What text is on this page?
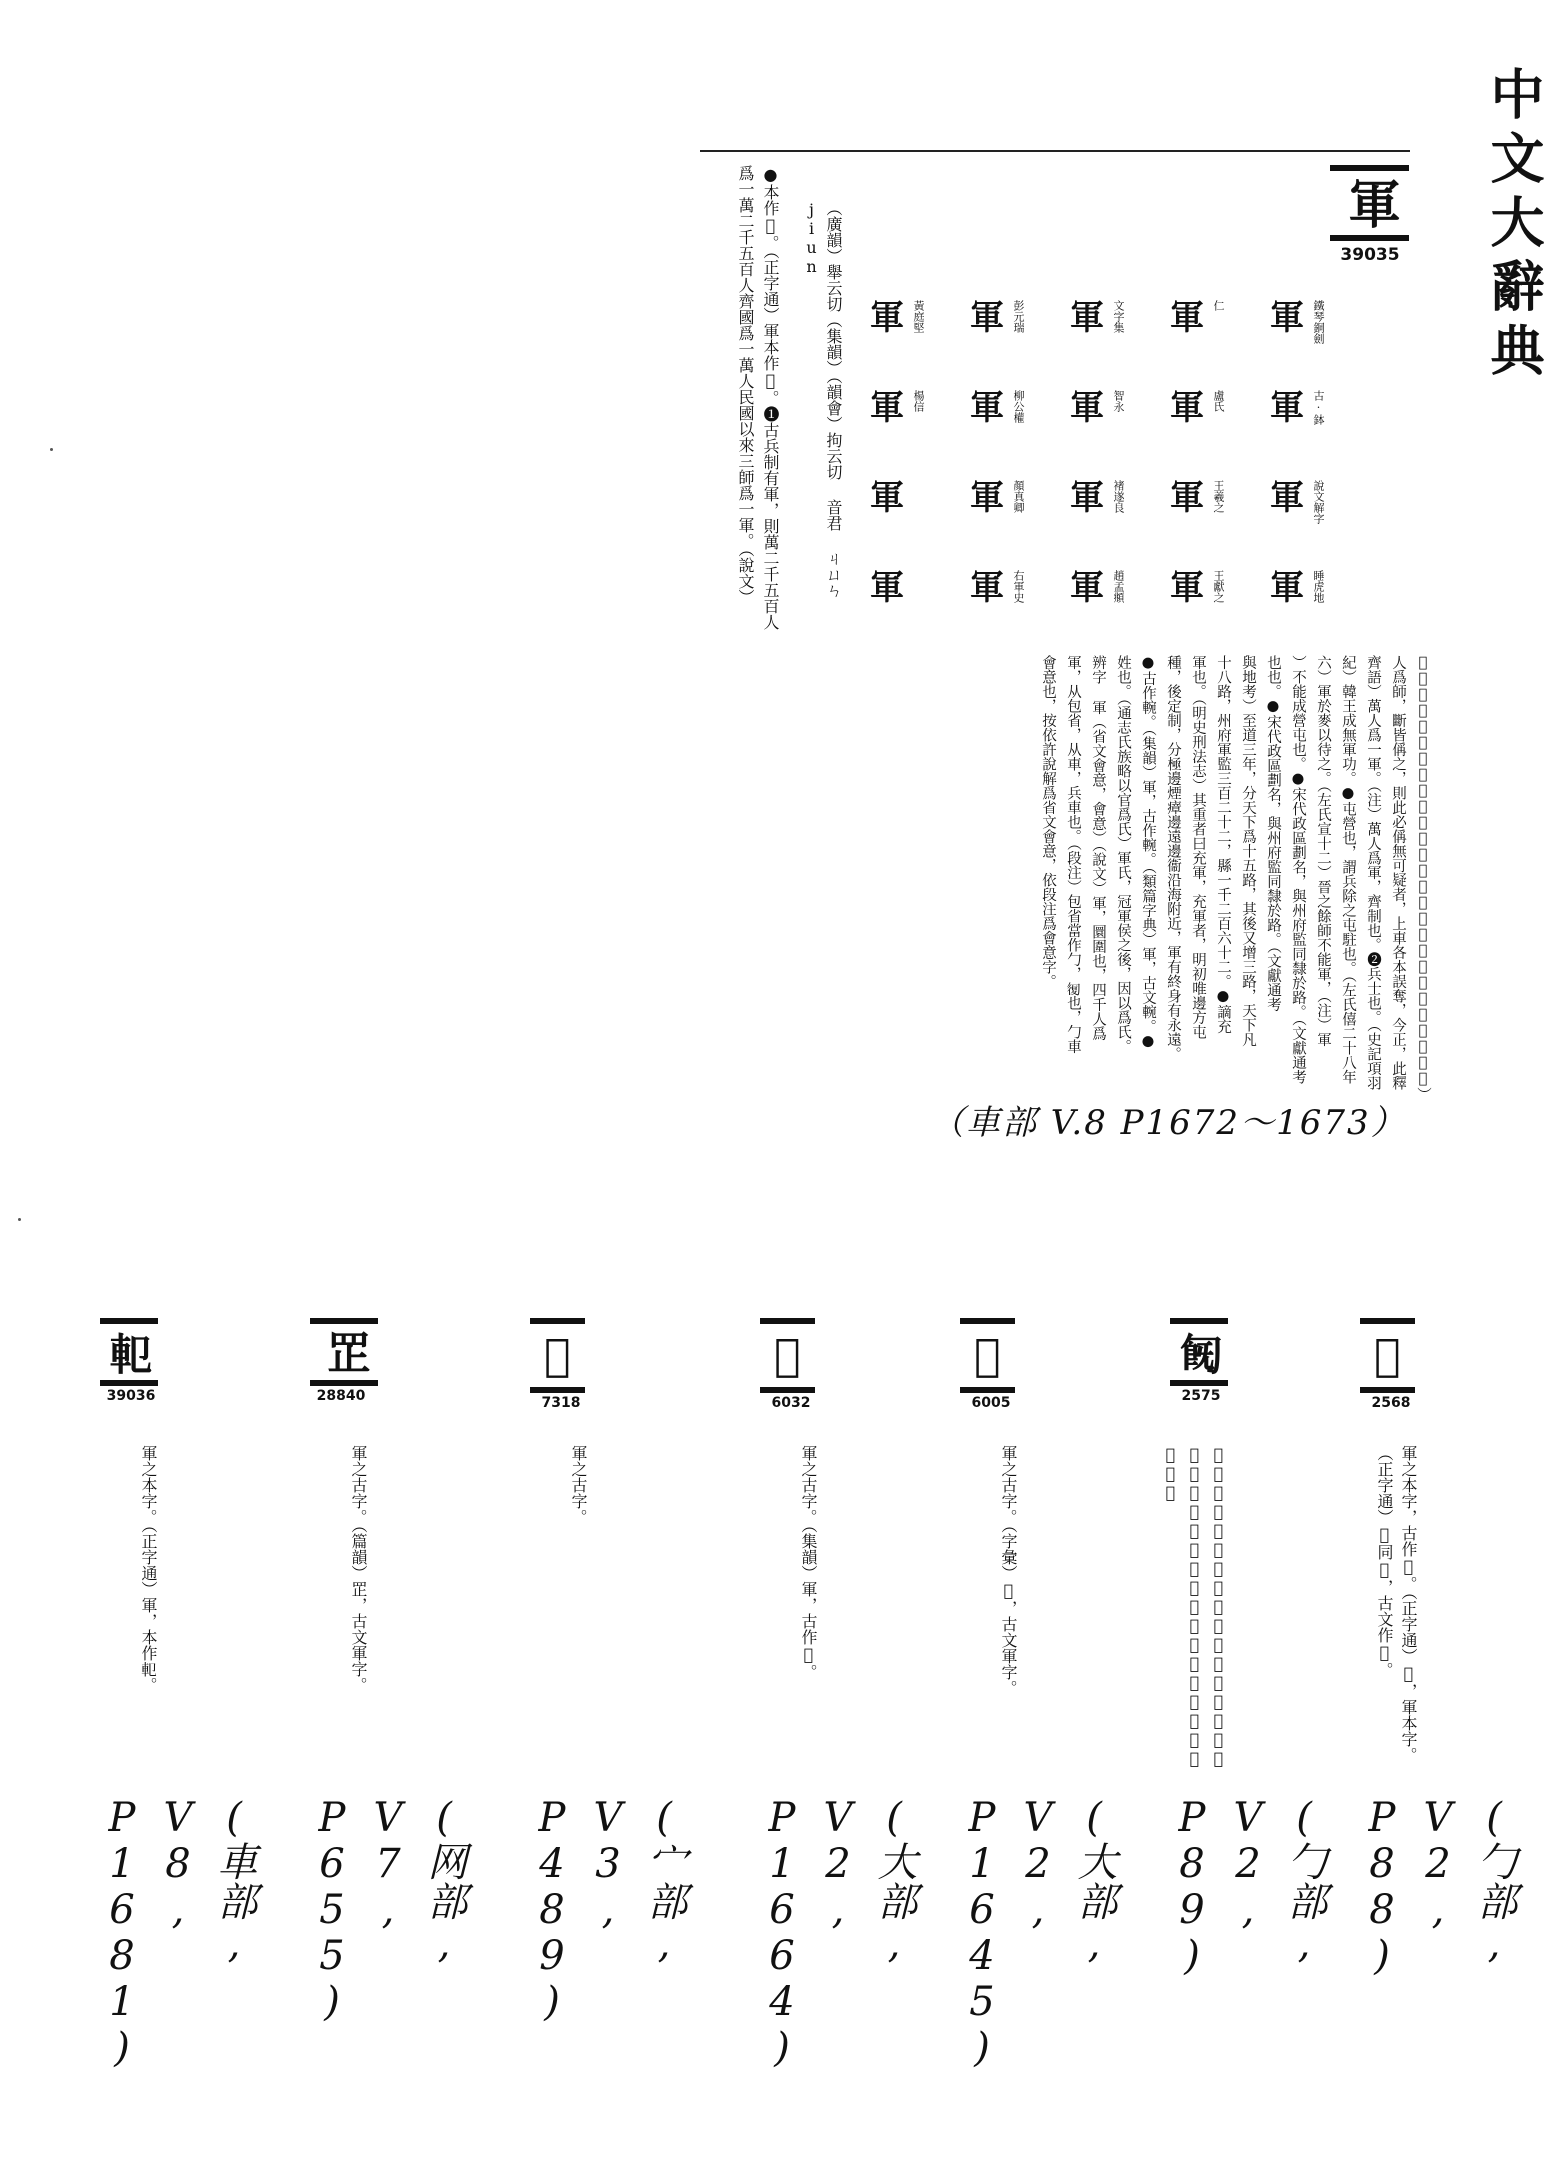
中文大辭典
軍
39035
軍 鐵琴銅劍
軍 古·鉢
軍 說文解字
軍 睡虎地
軍 仁
軍 盧氏
軍 王羲之
軍 王獻之
軍 文字集
軍 智永
軍 褚遂良
軍 趙孟頫
軍 彭元瑞
軍 柳公權
軍 顏真卿
軍 右軍史
軍 黃庭堅
軍 楊信
軍
軍
（廣韻）舉云切（集韻）（韻會）拘云切 音君 ㄐㄩㄣ jiun
●本作𠔺。（正字通）軍本作𠔺。❶古兵制有軍，則萬二千五百人爲一萬二千五百人齊國爲一萬人民國以來三師爲一軍。（說文）
𠔺，圜圍也，四千人爲軍，从包省从車，車，兵車也。（段注）
人爲師，斷皆偁之，則此必偁無可疑者，上車各本誤奪，今正，此釋
齊語）萬人爲一軍。（注）萬人爲軍，齊制也。❷兵士也。（史記項羽
紀）韓王成無軍功。●屯營也，謂兵除之屯駐也。（左氏僖二十八年
六）軍於麥以待之。（左氏宣十二）晉之餘師不能軍，（注）軍
）不能成營屯也。●宋代政區劃名，與州府監同隸於路。（文獻通考
也也。●宋代政區劃名，與州府監同隸於路。（文獻通考
與地考）至道三年，分天下爲十五路，其後又增三路，天下凡
十八路，州府軍監三百二十二，縣一千二百六十二。●謫充
軍也。（明史刑法志）其重者曰充軍，充軍者，明初唯邊方屯
種，後定制，分極邊煙瘴邊遠邊衞沿海附近，軍有終身有永遠。
●古作䡝。（集韻）軍，古作䡝。（類篇字典）軍，古文䡝。●
姓也。（通志氏族略以官爲氏）軍氏，冠軍侯之後，因以爲氏。
辨字 軍（省文會意，會意）（說文）軍，圜圍也，四千人爲
軍，从包省，从車，兵車也。（段注）包省當作勹，𠣾也，勹車
會意也，按依許說解爲省文會意，依段注爲會意字。
（車部 V.8 P1672～1673）
𠣷
2568
軍之本字，古作𠣶。（正字通）𠣷，軍本字。（正字通）𠣶同𠣷，古文作𠣶。
(勹部, V2, P88)
𠣹
2575
𠣷之古字。（正字通）𠣶同𠣷，古文作𠣶。六書統載入部，从人从㐬，霍宗光彩也。
(勹部, V2, P89)
𡗛
6005
軍之古字。（字彙）𡗛，古文軍字。
(大部, V2, P1645)
𡘈
6032
軍之古字。（集韻）軍，古作𡘈。
(大部, V2, P1664)
𡧢
7318
軍之古字。
(宀部, V3, P489)
𦊆
28840
軍之古字。（篇韻）𦊆，古文軍字。
(网部, V7, P655)
𨊠
39036
軍之本字。（正字通）軍，本作𨊠。
(車部, V8, P1681)
